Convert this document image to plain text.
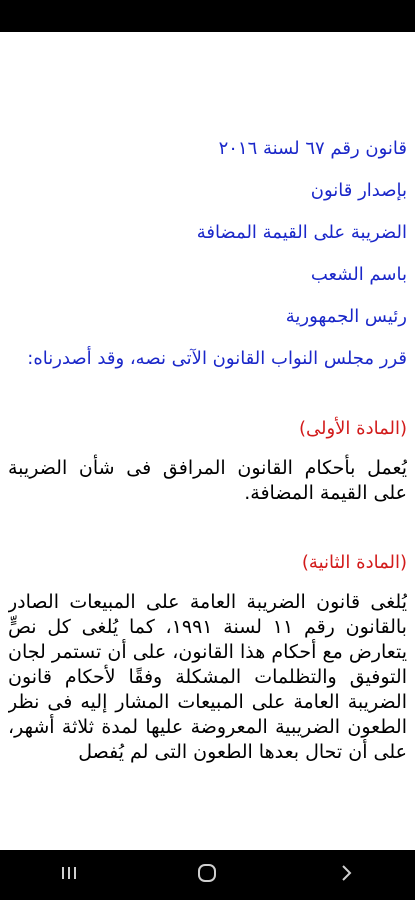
قانون رقم ٦٧ لسنة ٢٠١٦

بإصدار قانون

الضريبة على القيمة المضافة

باسم الشعب

رئيس الجمهورية

قرر مجلس النواب القانون الآتى نصه، وقد أصدرناه:

(المادة الأولى)

يُعمل بأحكام القانون المرافق فى شأن الضريبة على القيمة المضافة.

(المادة الثانية)

يُلغى قانون الضريبة العامة على المبيعات الصادر بالقانون رقم ١١ لسنة ١٩٩١، كما يُلغى كل نصٍّ يتعارض مع أحكام هذا القانون، على أن تستمر لجان التوفيق والتظلمات المشكلة وفقًا لأحكام قانون الضريبة العامة على المبيعات المشار إليه فى نظر الطعون الضريبية المعروضة عليها لمدة ثلاثة أشهر، على أن تحال بعدها الطعون التى لم يُفصل
